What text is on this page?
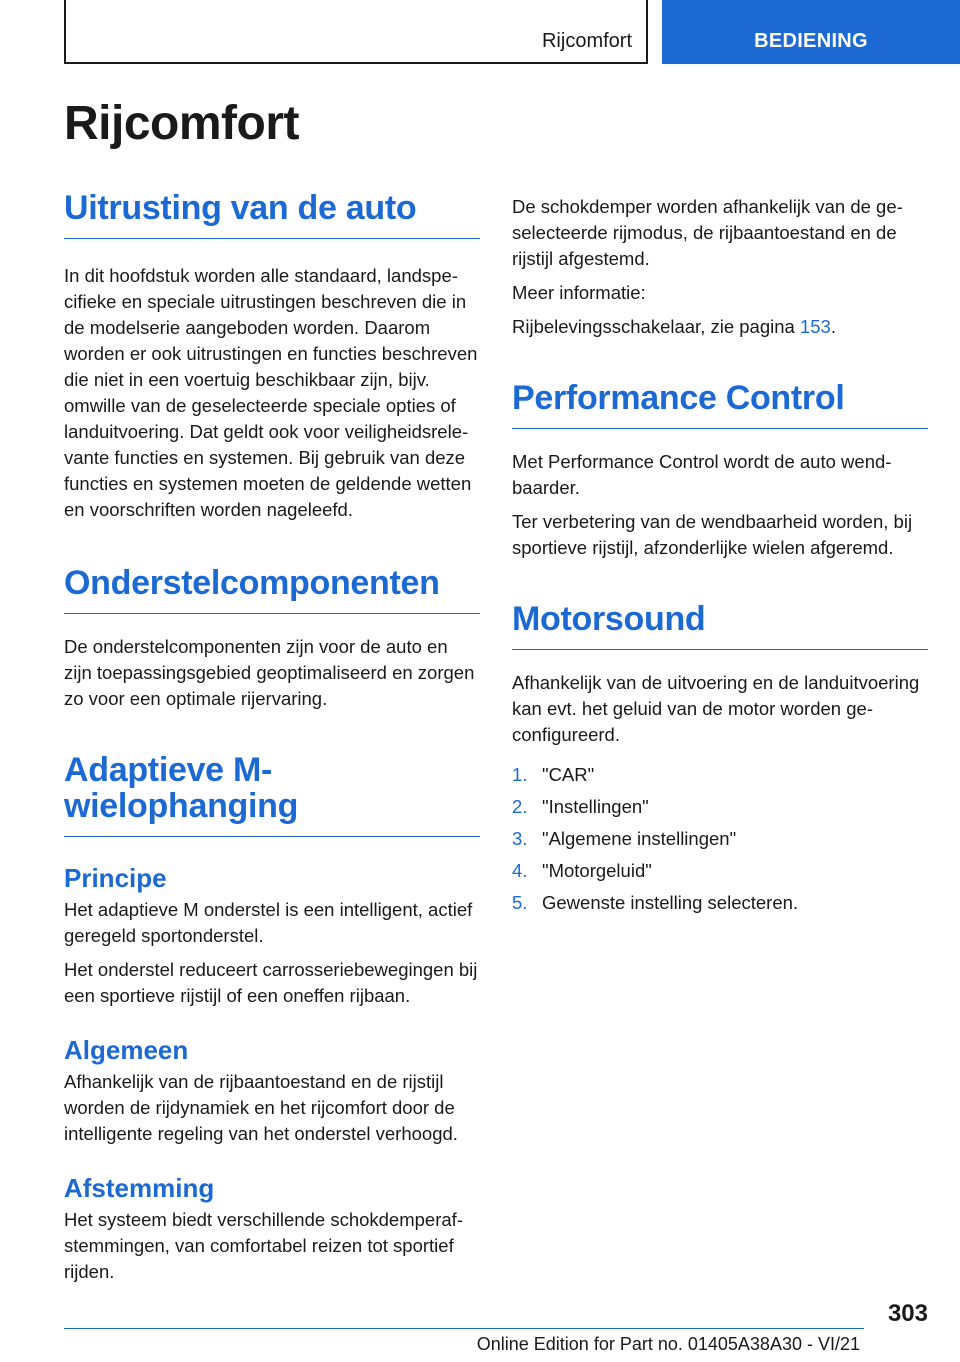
Rijcomfort	BEDIENING
Rijcomfort
Uitrusting van de auto

In dit hoofdstuk worden alle standaard, landspecifieke en speciale uitrustingen beschreven die in de modelserie aangeboden worden. Daarom worden er ook uitrustingen en functies beschreven die niet in een voertuig beschikbaar zijn, bijv. omwille van de geselecteerde speciale opties of landuitvoering. Dat geldt ook voor veiligheidsrelevante functies en systemen. Bij gebruik van deze functies en systemen moeten de geldende wetten en voorschriften worden nageleefd.

Onderstelcomponenten

De onderstelcomponenten zijn voor de auto en zijn toepassingsgebied geoptimaliseerd en zorgen zo voor een optimale rijervaring.

Adaptieve M-wielophanging
Principe

Het adaptieve M onderstel is een intelligent, actief geregeld sportonderstel.

Het onderstel reduceert carrosseriebewegingen bij een sportieve rijstijl of een oneffen rijbaan.

Algemeen

Afhankelijk van de rijbaantoestand en de rijstijl worden de rijdynamiek en het rijcomfort door de intelligente regeling van het onderstel verhoogd.

Afstemming

Het systeem biedt verschillende schokdemperafstemmingen, van comfortabel reizen tot sportief rijden.

De schokdemper worden afhankelijk van de geselecteerde rijmodus, de rijbaantoestand en de rijstijl afgestemd.

Meer informatie:

Rijbelevingsschakelaar, zie pagina 153.

Performance Control

Met Performance Control wordt de auto wendbaarder.

Ter verbetering van de wendbaarheid worden, bij sportieve rijstijl, afzonderlijke wielen afgeremd.

Motorsound

Afhankelijk van de uitvoering en de landuitvoering kan evt. het geluid van de motor worden geconfigureerd.

1. "CAR"
2. "Instellingen"
3. "Algemene instellingen"
4. "Motorgeluid"
5. Gewenste instelling selecteren.
303
Online Edition for Part no. 01405A38A30 - VI/21
